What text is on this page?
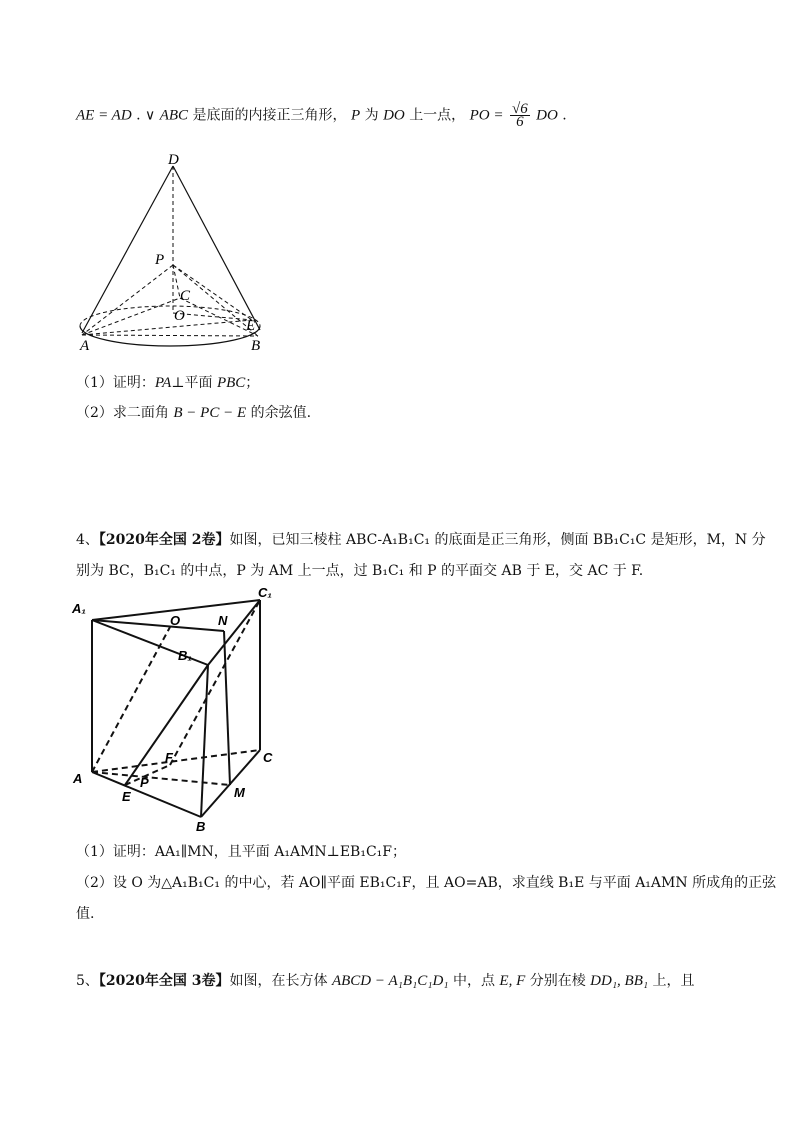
AE = AD . ∨ ABC 是底面的内接正三角形， P 为 DO 上一点， PO = $\frac{√6}{6}$ DO .
D
P
C
O
E
A	B
（1）证明：PA⊥平面 PBC；
（2）求二面角 B − PC − E 的余弦值.
4、【2020年全国 2卷】如图，已知三棱柱 ABC-A₁B₁C₁ 的底面是正三角形，侧面 BB₁C₁C 是矩形，M，N 分
别为 BC，B₁C₁ 的中点，P 为 AM 上一点，过 B₁C₁ 和 P 的平面交 AB 于 E，交 AC 于 F.
A₁
C₁
O	N
B₁
C
F
A	P
E	M
B
（1）证明：AA₁∥MN，且平面 A₁AMN⊥EB₁C₁F；
（2）设 O 为△A₁B₁C₁ 的中心，若 AO∥平面 EB₁C₁F，且 AO=AB，求直线 B₁E 与平面 A₁AMN 所成角的正弦
值.
5、【2020年全国 3卷】如图，在长方体 ABCD − A₁B₁C₁D₁ 中，点 E, F 分别在棱 DD₁, BB₁ 上，且
